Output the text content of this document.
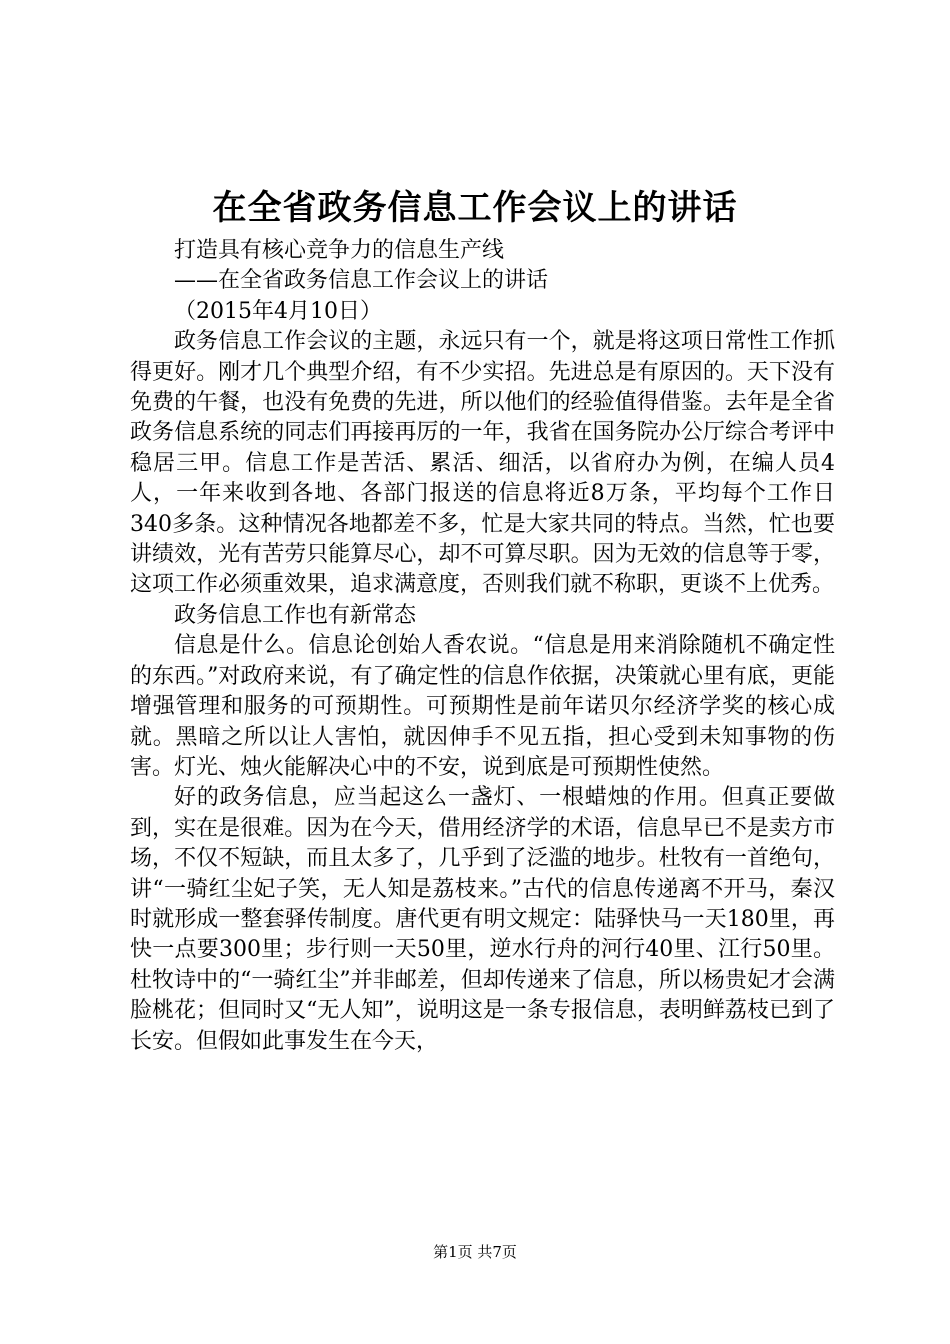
在全省政务信息工作会议上的讲话

打造具有核心竞争力的信息生产线

——在全省政务信息工作会议上的讲话

（2015年4月10日）

政务信息工作会议的主题，永远只有一个，就是将这项日常性工作抓得更好。刚才几个典型介绍，有不少实招。先进总是有原因的。天下没有免费的午餐，也没有免费的先进，所以他们的经验值得借鉴。去年是全省政务信息系统的同志们再接再厉的一年，我省在国务院办公厅综合考评中稳居三甲。信息工作是苦活、累活、细活，以省府办为例，在编人员4人，一年来收到各地、各部门报送的信息将近8万条，平均每个工作日340多条。这种情况各地都差不多，忙是大家共同的特点。当然，忙也要讲绩效，光有苦劳只能算尽心，却不可算尽职。因为无效的信息等于零，这项工作必须重效果，追求满意度，否则我们就不称职，更谈不上优秀。

政务信息工作也有新常态

信息是什么。信息论创始人香农说。“信息是用来消除随机不确定性的东西。”对政府来说，有了确定性的信息作依据，决策就心里有底，更能增强管理和服务的可预期性。可预期性是前年诺贝尔经济学奖的核心成就。黑暗之所以让人害怕，就因伸手不见五指，担心受到未知事物的伤害。灯光、烛火能解决心中的不安，说到底是可预期性使然。

好的政务信息，应当起这么一盏灯、一根蜡烛的作用。但真正要做到，实在是很难。因为在今天，借用经济学的术语，信息早已不是卖方市场，不仅不短缺，而且太多了，几乎到了泛滥的地步。杜牧有一首绝句，讲“一骑红尘妃子笑，无人知是荔枝来。”古代的信息传递离不开马，秦汉时就形成一整套驿传制度。唐代更有明文规定：陆驿快马一天180里，再快一点要300里；步行则一天50里，逆水行舟的河行40里、江行50里。杜牧诗中的“一骑红尘”并非邮差，但却传递来了信息，所以杨贵妃才会满脸桃花；但同时又“无人知”，说明这是一条专报信息，表明鲜荔枝已到了长安。但假如此事发生在今天，

第1页 共7页
